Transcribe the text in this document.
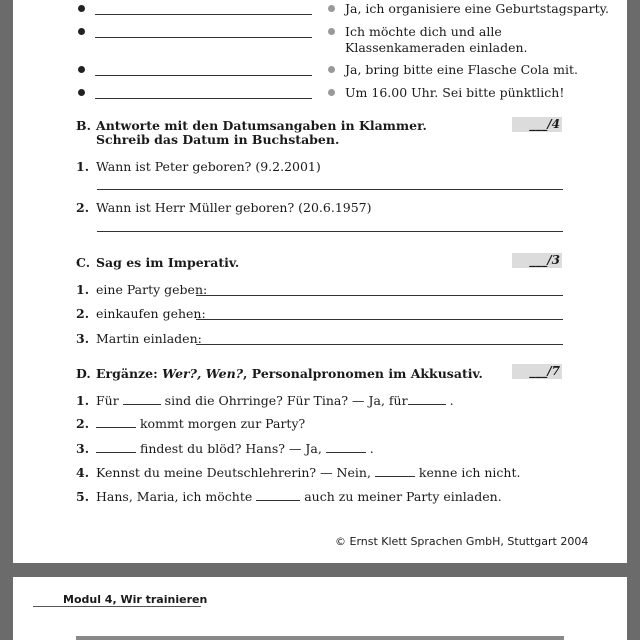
Ja, ich organisiere eine Geburtstagsparty.
Ich möchte dich und alle
Klassenkameraden einladen.
Ja, bring bitte eine Flasche Cola mit.
Um 16.00 Uhr. Sei bitte pünktlich!
B. Antworte mit den Datumsangaben in Klammer.
Schreib das Datum in Buchstaben.
___/4
1. Wann ist Peter geboren? (9.2.2001)
2. Wann ist Herr Müller geboren? (20.6.1957)
C. Sag es im Imperativ.	___/3
1. eine Party geben:
2. einkaufen gehen:
3. Martin einladen:
D. Ergänze: Wer?, Wen?, Personalpronomen im Akkusativ.	___/7
1. Für	sind die Ohrringe? Für Tina? — Ja, für	.
2.	kommt morgen zur Party?
3.	findest du blöd? Hans? — Ja,	.
4. Kennst du meine Deutschlehrerin? — Nein,	kenne ich nicht.
5. Hans, Maria, ich möchte	auch zu meiner Party einladen.
© Ernst Klett Sprachen GmbH, Stuttgart 2004
Modul 4, Wir trainieren
